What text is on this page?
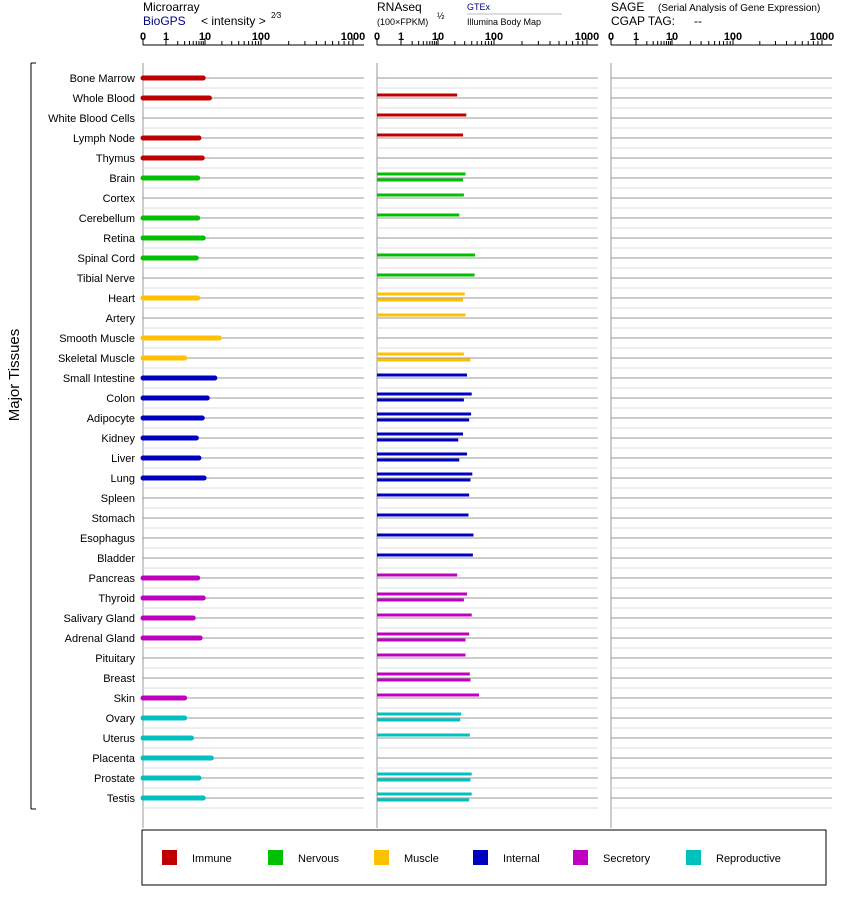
Microarray
BioGPS < intensity > 2⁄3
RNAseq
(100×FPKM)
½
GTEx
Illumina Body Map
SAGE (Serial Analysis of Gene Expression)
CGAP TAG: --
0 1	10	100	1000 0 1	10	100	1000 0 1 10	100	1000
Bone Marrow
Whole Blood
White Blood Cells
Lymph Node
Thymus
Brain
Cortex
Cerebellum
Retina
Spinal Cord
Tibial Nerve
Heart
Artery
Smooth Muscle
Skeletal Muscle
Small Intestine
Colon
Adipocyte
Kidney
Liver
Lung
Spleen
Stomach
Esophagus
Bladder
Pancreas
Thyroid
Salivary Gland
Adrenal Gland
Pituitary
Breast
Skin
Ovary
Uterus
Placenta
Prostate
Testis
Major Tissues
Immune	Nervous	Muscle	Internal	Secretory	Reproductive
